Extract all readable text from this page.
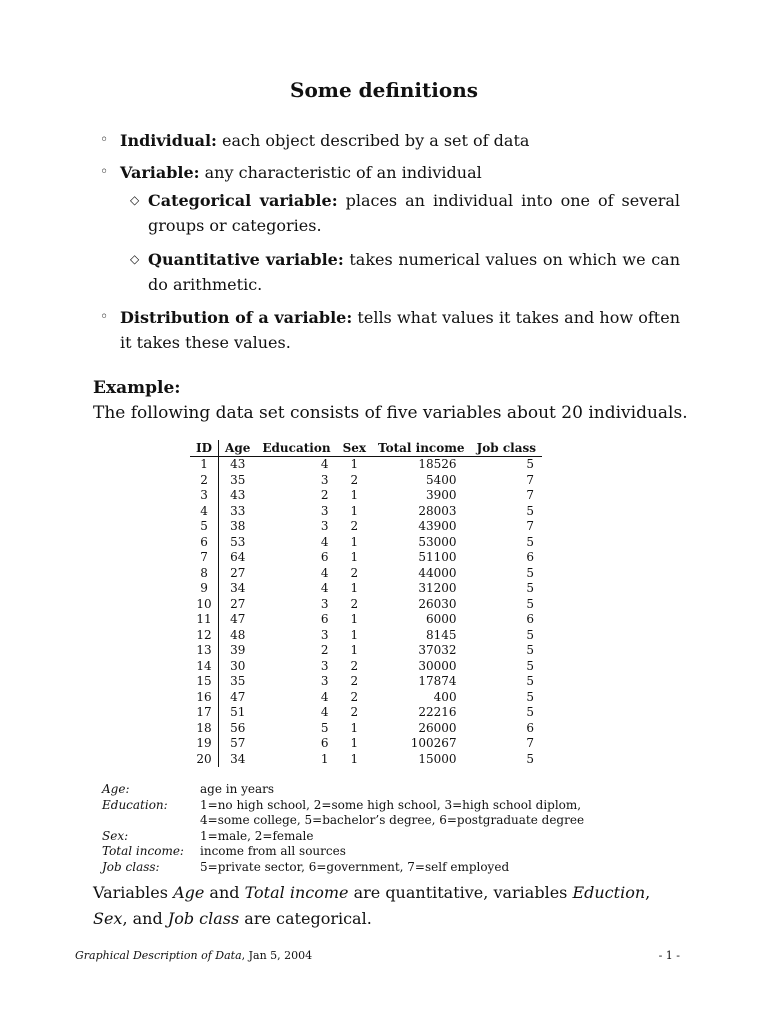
Some definitions
◦ Individual: each object described by a set of data
◦ Variable: any characteristic of an individual
◇ Categorical variable: places an individual into one of several groups or categories.
◇ Quantitative variable: takes numerical values on which we can do arithmetic.
◦ Distribution of a variable: tells what values it takes and how often it takes these values.
Example:
The following data set consists of five variables about 20 individuals.
ID	Age	Education	Sex	Total income	Job class
1	43	4	1	18526	5
2	35	3	2	5400	7
3	43	2	1	3900	7
4	33	3	1	28003	5
5	38	3	2	43900	7
6	53	4	1	53000	5
7	64	6	1	51100	6
8	27	4	2	44000	5
9	34	4	1	31200	5
10	27	3	2	26030	5
11	47	6	1	6000	6
12	48	3	1	8145	5
13	39	2	1	37032	5
14	30	3	2	30000	5
15	35	3	2	17874	5
16	47	4	2	400	5
17	51	4	2	22216	5
18	56	5	1	26000	6
19	57	6	1	100267	7
20	34	1	1	15000	5
Age:	age in years
Education:	1=no high school, 2=some high school, 3=high school diplom,
4=some college, 5=bachelor’s degree, 6=postgraduate degree
Sex:	1=male, 2=female
Total income:	income from all sources
Job class:	5=private sector, 6=government, 7=self employed
Variables Age and Total income are quantitative, variables Eduction, Sex, and Job class are categorical.
Graphical Description of Data, Jan 5, 2004	- 1 -
